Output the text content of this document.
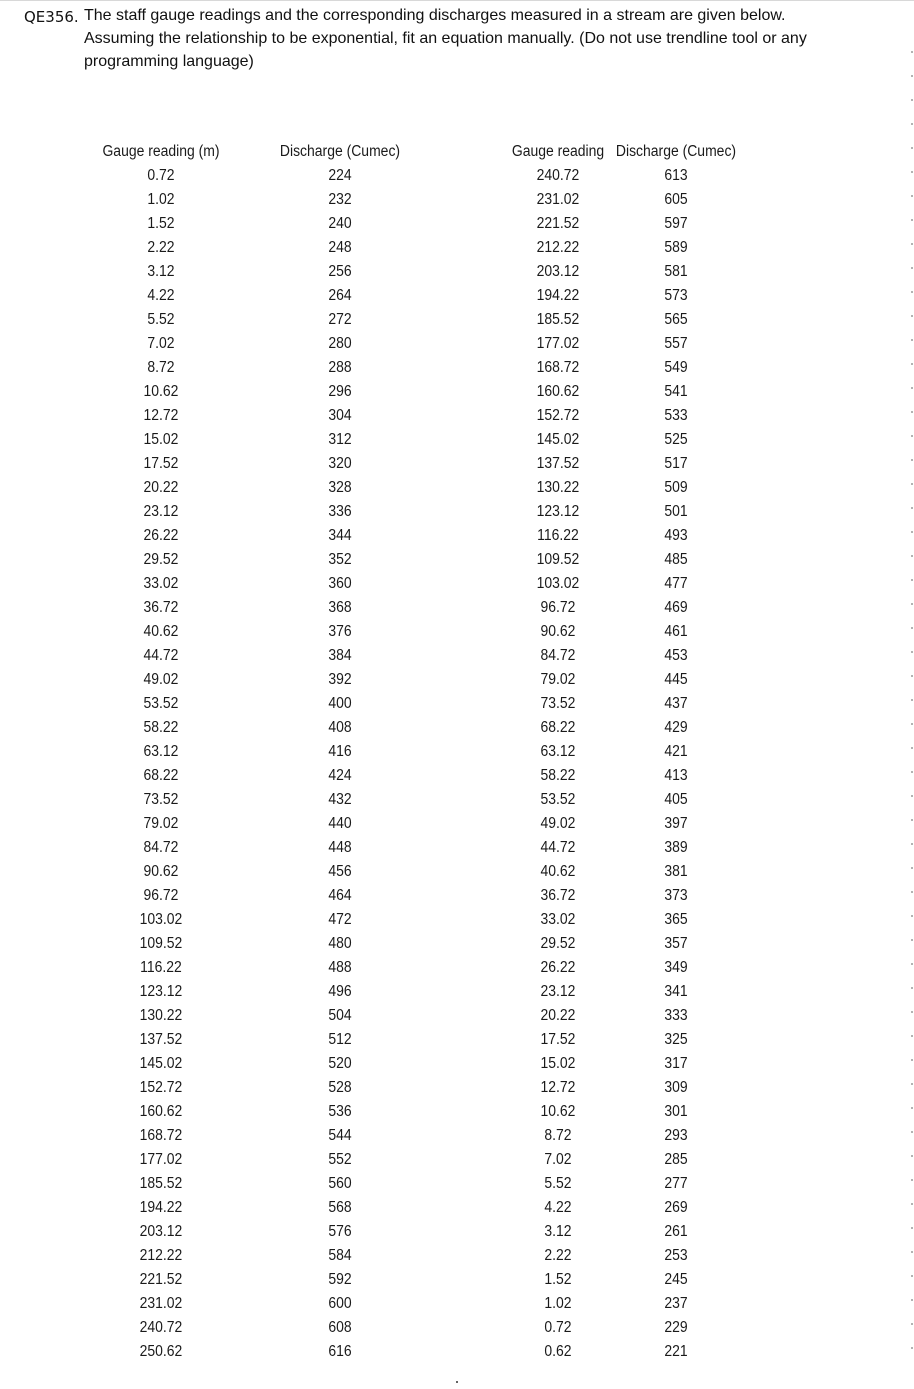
QE356. The staff gauge readings and the corresponding discharges measured in a stream are given below.
Assuming the relationship to be exponential, fit an equation manually. (Do not use trendline tool or any
programming language)
Gauge reading (m)
0.72
1.02
1.52
2.22
3.12
4.22
5.52
7.02
8.72
10.62
12.72
15.02
17.52
20.22
23.12
26.22
29.52
33.02
36.72
40.62
44.72
49.02
53.52
58.22
63.12
68.22
73.52
79.02
84.72
90.62
96.72
103.02
109.52
116.22
123.12
130.22
137.52
145.02
152.72
160.62
168.72
177.02
185.52
194.22
203.12
212.22
221.52
231.02
240.72
250.62
Discharge (Cumec)
224
232
240
248
256
264
272
280
288
296
304
312
320
328
336
344
352
360
368
376
384
392
400
408
416
424
432
440
448
456
464
472
480
488
496
504
512
520
528
536
544
552
560
568
576
584
592
600
608
616
Gauge reading
240.72
231.02
221.52
212.22
203.12
194.22
185.52
177.02
168.72
160.62
152.72
145.02
137.52
130.22
123.12
116.22
109.52
103.02
96.72
90.62
84.72
79.02
73.52
68.22
63.12
58.22
53.52
49.02
44.72
40.62
36.72
33.02
29.52
26.22
23.12
20.22
17.52
15.02
12.72
10.62
8.72
7.02
5.52
4.22
3.12
2.22
1.52
1.02
0.72
0.62
Discharge (Cumec)
613
605
597
589
581
573
565
557
549
541
533
525
517
509
501
493
485
477
469
461
453
445
437
429
421
413
405
397
389
381
373
365
357
349
341
333
325
317
309
301
293
285
277
269
261
253
245
237
229
221
